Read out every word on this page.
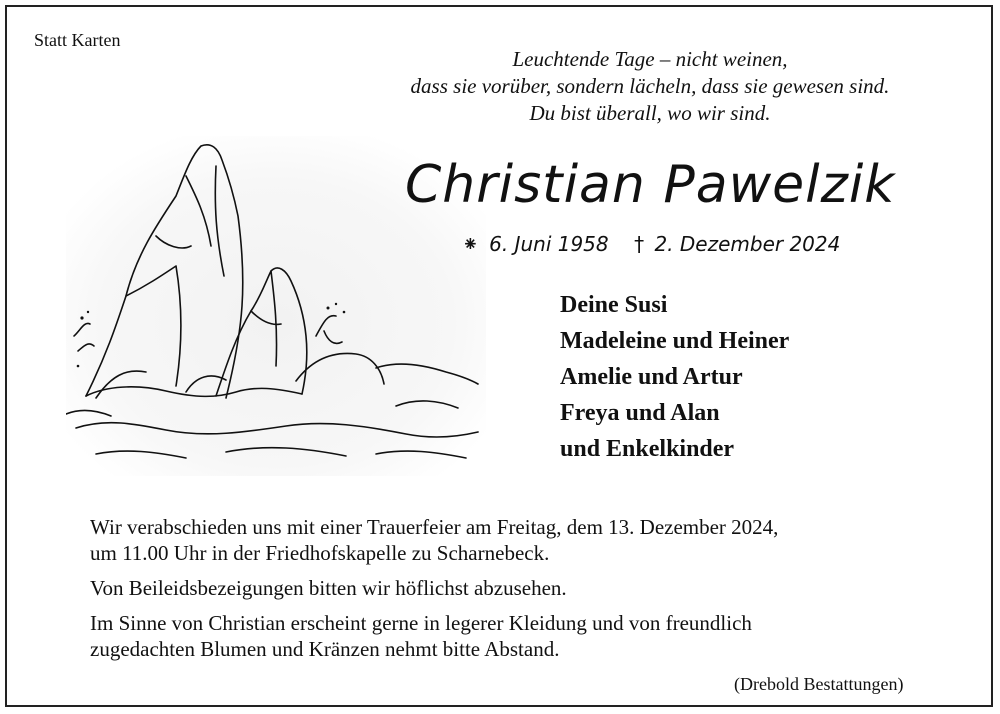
Statt Karten
Leuchtende Tage – nicht weinen,
dass sie vorüber, sondern lächeln, dass sie gewesen sind.
Du bist überall, wo wir sind.
Christian Pawelzik
⁕ 6. Juni 1958 † 2. Dezember 2024
Deine Susi
Madeleine und Heiner
Amelie und Artur
Freya und Alan
und Enkelkinder

Wir verabschieden uns mit einer Trauerfeier am Freitag, dem 13. Dezember 2024,
um 11.00 Uhr in der Friedhofskapelle zu Scharnebeck.

Von Beileidsbezeigungen bitten wir höflichst abzusehen.

Im Sinne von Christian erscheint gerne in legerer Kleidung und von freundlich
zugedachten Blumen und Kränzen nehmt bitte Abstand.

(Drebold Bestattungen)
